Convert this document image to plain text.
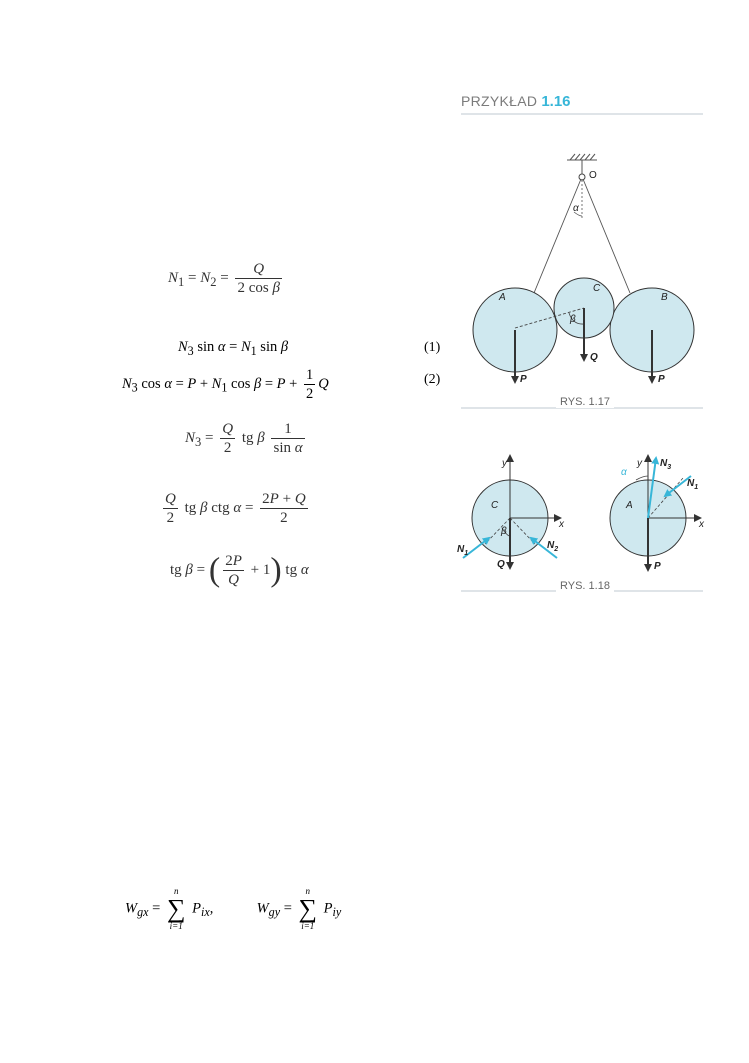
$N_1 = N_2 = \frac{Q}{\text{2 cos β}}$
$N_3$ $\sin \alpha = N_1$ sin β	(1)
$N_3$ $\cos \alpha = P + N_1$ $\cos \beta = P + \frac{1}{2}$ Q	(2)
$N_3 = \frac{Q}{2}$ tg β $\frac{1}{\text{sin α}}$
$\frac{Q}{2}$ tg β ctg $\alpha = \frac{2P + Q}{2}$
tg β = ( $\frac{2P}{Q} + 1$) tg α
$W_{gx}$ =
n
∑
i=1
$P_{ix}$,	$W_{gy}$ =
n
∑
i=1
$P_{iy}$
PRZYKŁAD 1.16
O
α
A	B
C
β
P	P
Q
RYS. 1.17
y
x
C
β
$N_1$
$N_2$
Q
y
x
A
α
$N_3$
$N_1$
P
RYS. 1.18
